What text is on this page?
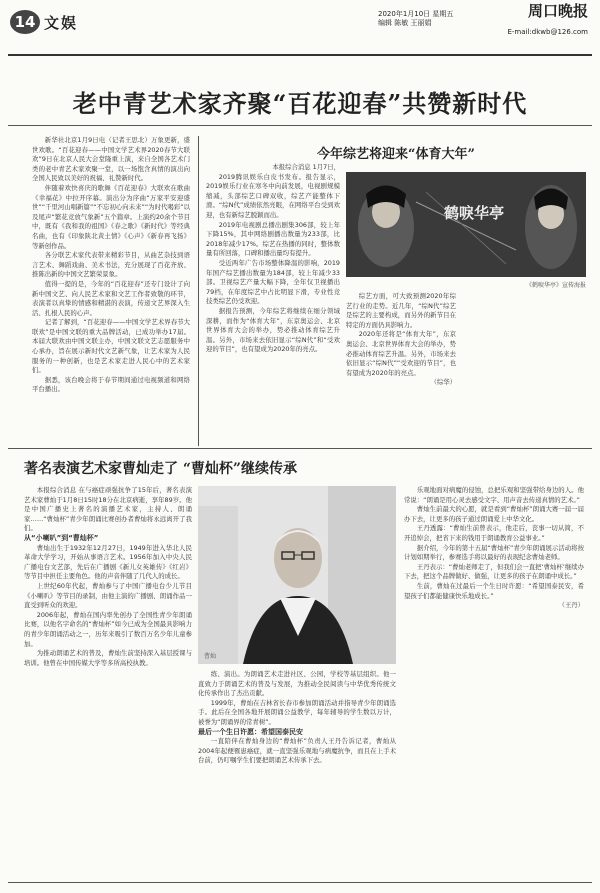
14 文娱
周口晚报
2020年1月10日 星期五
编辑 陈敏 王丽娟
E-mail:dkwb@126.com
老中青艺术家齐聚“百花迎春”共赞新时代

新华社北京1月9日电（记者王思北）万象更新，盛世欢歌。“百花迎春——中国文学艺术界2020春节大联欢”9日在北京人民大会堂隆重上演，来自全国各艺术门类的老中青艺术家欢聚一堂，以一场饱含真情的演出向全国人民致以美好的祝福、礼赞新时代。

伴随着欢快喜庆的歌舞《百花迎春》大联欢在歌曲《幸福花》中拉开序幕。演出分为序曲“万家平安迎盛世”“千里河山唱新篇”“不忘初心向未来”“为时代喝彩”以及尾声“繁花竞放气象新”五个篇章。上演约20余个节目中，既有《我和我的祖国》《春之歌》《新时代》等经典名曲，也有《印象陕北黄土情》《心声》《新春再飞扬》等新创作品。

各分联艺术家代表带来精彩节目，从曲艺杂技到语言艺术、舞蹈戏曲、美术书法，充分展现了百花齐放、推陈出新的中国文艺繁荣景象。

值得一提的是，今年的“百花迎春”还专门设计了向新中国文艺、向人民艺术家和文艺工作者致敬的环节，表演者以真挚的情感和精湛的表演，传递文艺界深入生活、扎根人民的心声。

记者了解到，“百花迎春——中国文学艺术界春节大联欢”是中国文联的重大品牌活动，已成功举办17届。本届大联欢由中国文联主办，中国文联文艺志愿服务中心承办，旨在展示新时代文艺新气象，让艺术家为人民服务的一种创新，也是艺术家走进人民心中的艺术家们。

据悉，该台晚会将于春节期间通过电视频道和网络平台播出。

今年综艺将迎来“体育大年”
本报综合消息 1月7日，

2019腾讯娱乐白皮书发布。报告显示，2019娱乐行业在寒冬中向前发展，电视剧规模缩减，头部综艺口碑双收，综艺产能整体下滑。“综N代”成绩依然亮眼，在网络平台受到欢迎，也有新综艺脱颖而出。

2019年电视剧总播出剧集306部，较上年下降15%，其中网络剧播出数量为233部，比2018年减少17%。综艺在热播的同时，整体数量有所回落，口碑和播出量均有提升。

受近两年广告市场整体降温的影响，2019年国产综艺播出数量为184部，较上年减少33部。卫视综艺产量大幅下降，全年仅卫视播出79档，在年度综艺中占比明显下滑，专业性竞技类综艺仍受欢迎。

据报告预测，今年综艺将继续在细分领域深耕，而作为“体育大年”，东京奥运会、北京世界体育大会的举办，势必推动体育综艺升温。另外，市场来去依旧显示“综N代”和“受欢迎的节目”，也有望成为2020年的亮点。

鹤唳华亭
《鹤唳华亭》宣传海报

综艺方面，可大致预测2020年综艺行业的走势。近几年，“综N代”综艺是综艺的主要构成，而另外的新节目在特定的方面仍具影响力。

2020年还将是“体育大年”，东京奥运会、北京世界体育大会的举办，势必推动体育综艺升温。另外，市场来去依旧显示“综N代”“受欢迎的节目”，也有望成为2020年的亮点。

（综华）

著名表演艺术家曹灿走了 “曹灿杯”继续传承

本报综合消息 在与癌症顽强抗争了15年后，著名表演艺术家曹灿于1月8日15时18分在北京病逝，享年89岁。他是中国广播史上著名的演播艺术家，主持人、朗诵家……“曹灿杯”青少年朗诵比赛创办者曹灿将永远离开了我们。

从“小喇叭”到“曹灿杯”

曹灿出生于1932年12月27日，1949年进入华北人民革命大学学习，开始从事语言艺术。1956年加入中央人民广播电台文艺部，先后在广播剧《新儿女英雄传》《红岩》等节目中担任主要角色。他的声音伴随了几代人的成长。

上世纪60年代起，曹灿参与了中国广播电台少儿节目《小喇叭》等节目的录制，由他主演的广播剧、朗诵作品一直受到听众的欢迎。

2006年起，曹灿在国内率先创办了全国性青少年朗诵比赛，以他名字命名的“曹灿杯”如今已成为全国最具影响力的青少年朗诵活动之一，历年来吸引了数百万名少年儿童参加。

为推动朗诵艺术的普及，曹灿生前坚持深入基层授课与培训。他曾在中国传媒大学等多所高校执教。

曹灿

练、演出。为朗诵艺术走进社区、公园，学校等基层组织。他一直致力于朗诵艺术的普及与发展，为推动全民阅读与中华优秀传统文化传承作出了杰出贡献。

1999年，曹灿在吉林省长春市参加朗诵活动并指导青少年朗诵选手。此后在全国各地开展朗诵公益教学，每年辅导的学生数以万计，被誉为“朗诵界的常青树”。

最后一个生日许愿：希望国泰民安

一直陪伴在曹灿身边的“曹灿杯”负责人王丹告诉记者，曹灿从2004年起便罹患癌症，就一直坚强乐观地与病魔抗争，而且在上手术台前，仍叮嘱学生们要把朗诵艺术传承下去。

乐观地面对病魔的侵蚀，总把乐观和坚强带给身边的人。他常说：“朗诵是用心灵去感受文字、用声音去传递真情的艺术。”

曹灿生前最大的心愿，就是看到“曹灿杯”朗诵大赛一届一届办下去，让更多的孩子通过朗诵爱上中华文化。

王丹透露：“曹灿生前曾表示，他走后，丧事一切从简，不开追悼会，把省下来的钱用于朗诵教育公益事业。”

据介绍，今年的第十五届“曹灿杯”青少年朗诵展示活动将按计划如期举行，参赛选手将以最好的表现纪念曹灿老师。

王丹表示：“曹灿老师走了，但我们会一直把‘曹灿杯’继续办下去，把这个品牌做好、做强，让更多的孩子在朗诵中成长。”

生前，曹灿在过最后一个生日时许愿：“希望国泰民安，希望孩子们都能健康快乐地成长。”

（王丹）
